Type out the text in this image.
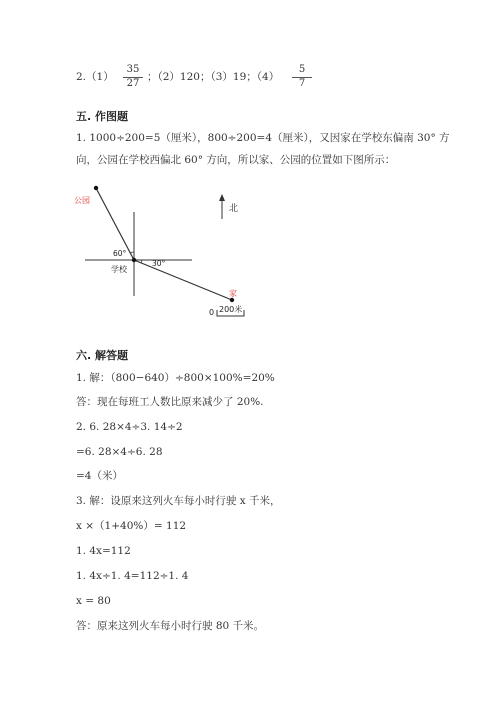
$2.(1) \frac{35}{27}$ ；（2）120；（3）19；$(4) \frac{5}{7}$
五. 作图题
1. 1000÷200=5（厘米），800÷200=4（厘米），又因家在学校东偏南 30° 方
向，公园在学校西偏北 60° 方向，所以家、公园的位置如下图所示：
公园
北
60°
30°
学校
家
0 200米
六. 解答题
1. 解：（800−640）÷800×100%=20%
答：现在每班工人数比原来减少了 20%.
2. 6. 28×4÷3. 14÷2
=6. 28×4÷6. 28
=4（米）
3. 解：设原来这列火车每小时行驶 x 千米，
x ×（1+40%）= 112
1. 4x=112
1. 4x÷1. 4=112÷1. 4
x = 80
答：原来这列火车每小时行驶 80 千米。
